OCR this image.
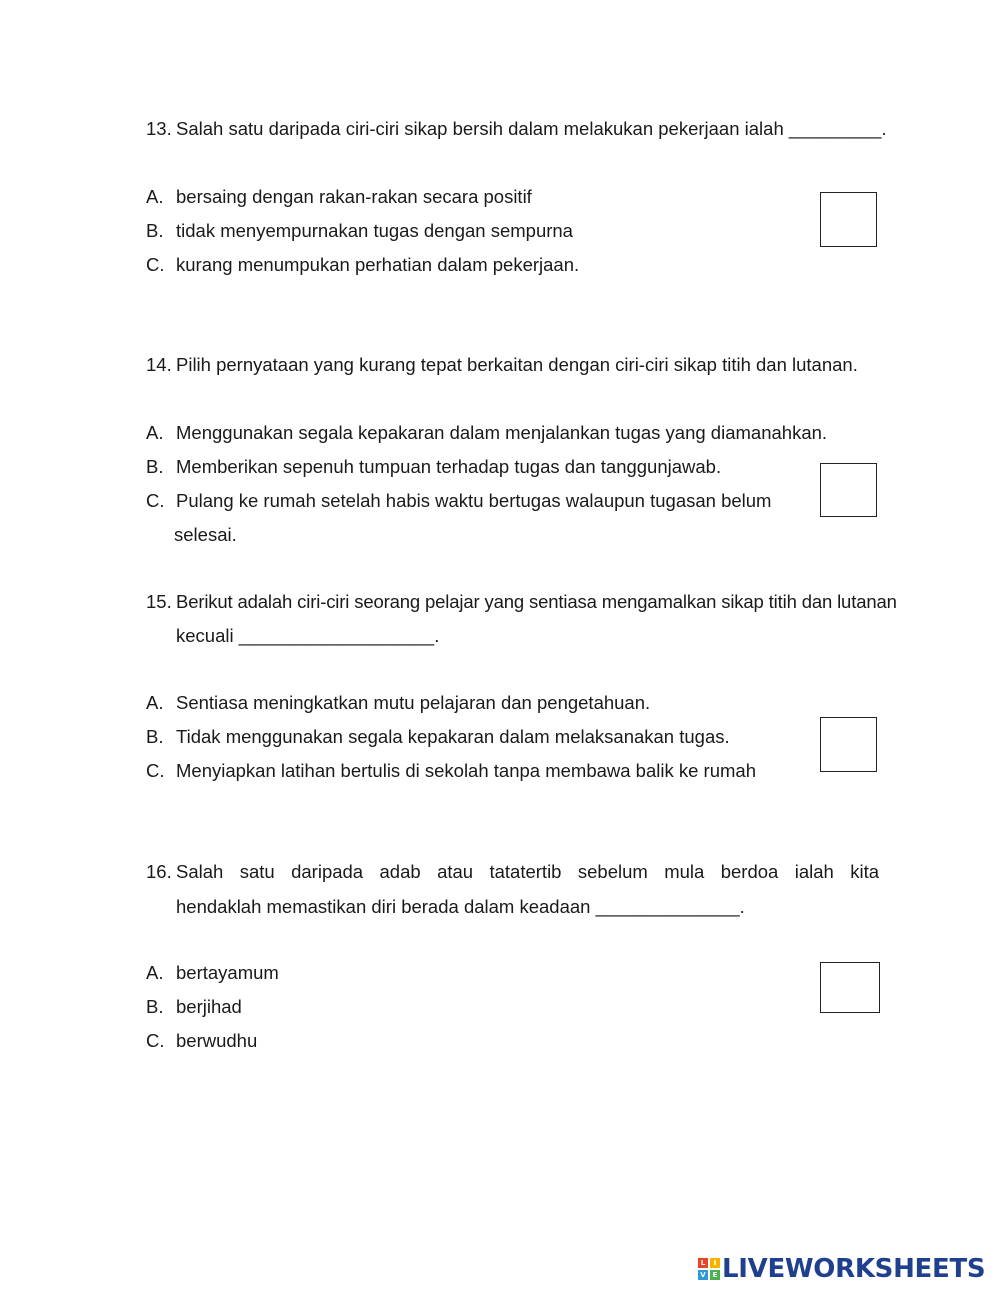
13. Salah satu daripada ciri-ciri sikap bersih dalam melakukan pekerjaan ialah _________.
A. bersaing dengan rakan-rakan secara positif
B. tidak menyempurnakan tugas dengan sempurna
C. kurang menumpukan perhatian dalam pekerjaan.
14. Pilih pernyataan yang kurang tepat berkaitan dengan ciri-ciri sikap titih dan lutanan.
A. Menggunakan segala kepakaran dalam menjalankan tugas yang diamanahkan.
B. Memberikan sepenuh tumpuan terhadap tugas dan tanggunjawab.
C. Pulang ke rumah setelah habis waktu bertugas walaupun tugasan belum
selesai.
15. Berikut adalah ciri-ciri seorang pelajar yang sentiasa mengamalkan sikap titih dan lutanan
kecuali ___________________.
A. Sentiasa meningkatkan mutu pelajaran dan pengetahuan.
B. Tidak menggunakan segala kepakaran dalam melaksanakan tugas.
C. Menyiapkan latihan bertulis di sekolah tanpa membawa balik ke rumah
16. Salah satu daripada adab atau tatatertib sebelum mula berdoa ialah kita
hendaklah memastikan diri berada dalam keadaan ______________.
A. bertayamum
B. berjihad
C. berwudhu
L	I
V E LIVEWORKSHEETS
